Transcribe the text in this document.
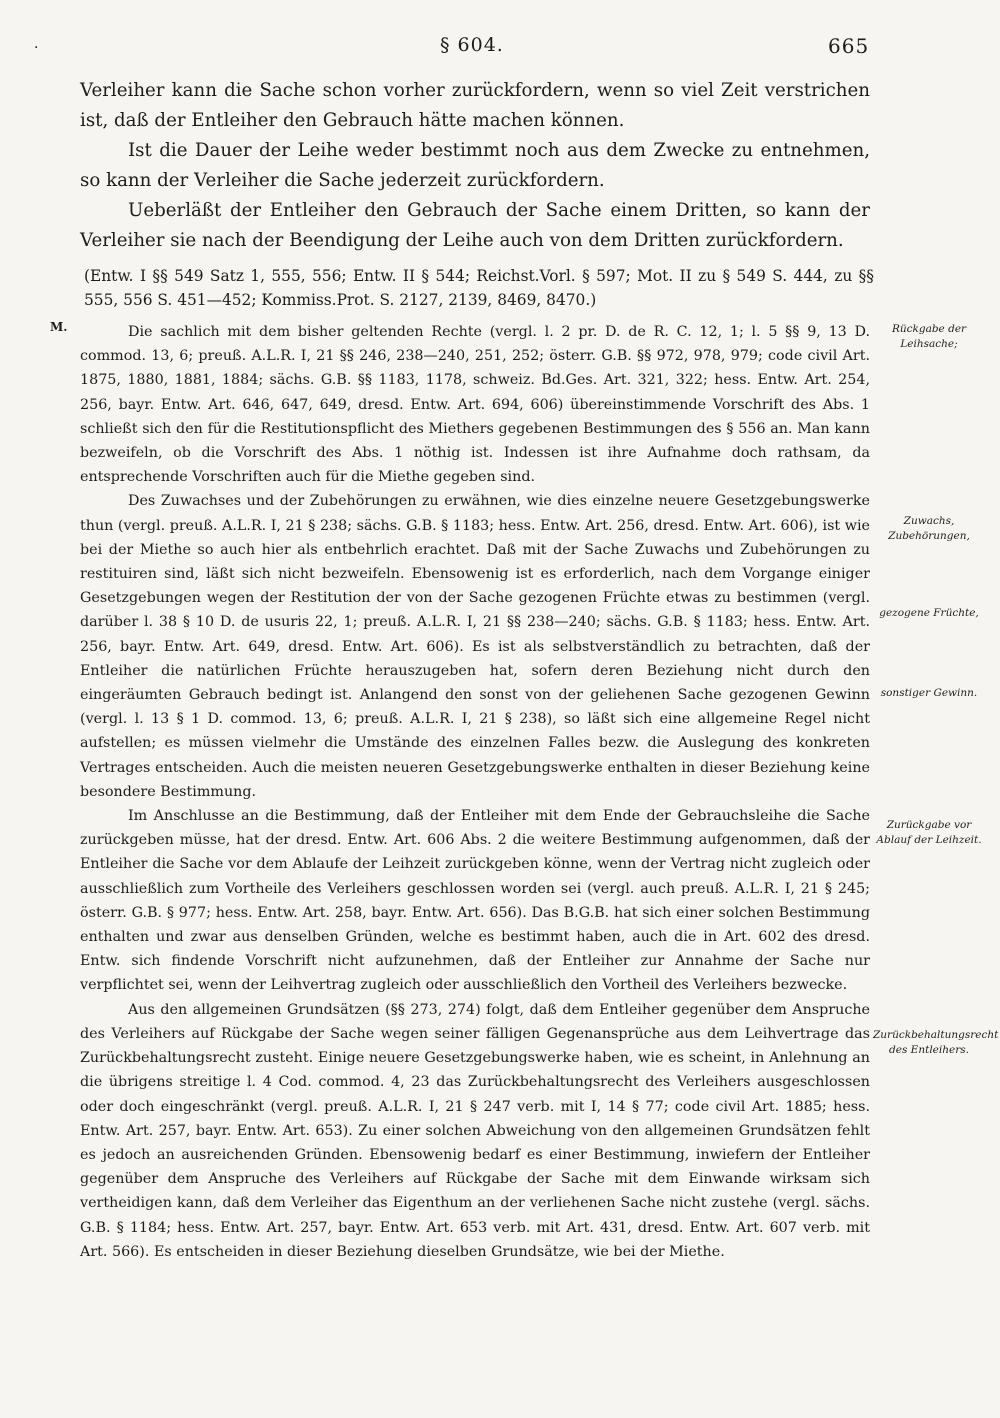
·	§ 604.	665

Verleiher kann die Sache schon vorher zurückfordern, wenn so viel Zeit verstrichen ist, daß der Entleiher den Gebrauch hätte machen können.

Ist die Dauer der Leihe weder bestimmt noch aus dem Zwecke zu entnehmen, so kann der Verleiher die Sache jederzeit zurückfordern.

Ueberläßt der Entleiher den Gebrauch der Sache einem Dritten, so kann der Verleiher sie nach der Beendigung der Leihe auch von dem Dritten zurückfordern.

(Entw. I §§ 549 Satz 1, 555, 556; Entw. II § 544; Reichst.Vorl. § 597; Mot. II zu § 549 S. 444, zu §§ 555, 556 S. 451—452; Kommiss.Prot. S. 2127, 2139, 8469, 8470.)

M.	Die sachlich mit dem bisher geltenden Rechte (vergl. l. 2 pr. D. de R. C. 12, 1; l. 5 §§ 9, 13 D. commod. 13, 6; preuß. A.L.R. I, 21 §§ 246, 238—240, 251, 252; österr. G.B. §§ 972, 978, 979; code civil Art. 1875, 1880, 1881, 1884; sächs. G.B. §§ 1183, 1178, schweiz. Bd.Ges. Art. 321, 322; hess. Entw. Art. 254, 256, bayr. Entw. Art. 646, 647, 649, dresd. Entw. Art. 694, 606) übereinstimmende Vorschrift des Abs. 1 schließt sich den für die Restitutionspflicht des Miethers gegebenen Bestimmungen des § 556 an. Man kann bezweifeln, ob die Vorschrift des Abs. 1 nöthig ist. Indessen ist ihre Aufnahme doch rathsam, da entsprechende Vorschriften auch für die Miethe gegeben sind.

Des Zuwachses und der Zubehörungen zu erwähnen, wie dies einzelne neuere Gesetzgebungswerke thun (vergl. preuß. A.L.R. I, 21 § 238; sächs. G.B. § 1183; hess. Entw. Art. 256, dresd. Entw. Art. 606), ist wie bei der Miethe so auch hier als entbehrlich erachtet. Daß mit der Sache Zuwachs und Zubehörungen zu restituiren sind, läßt sich nicht bezweifeln. Ebensowenig ist es erforderlich, nach dem Vorgange einiger Gesetzgebungen wegen der Restitution der von der Sache gezogenen Früchte etwas zu bestimmen (vergl. darüber l. 38 § 10 D. de usuris 22, 1; preuß. A.L.R. I, 21 §§ 238—240; sächs. G.B. § 1183; hess. Entw. Art. 256, bayr. Entw. Art. 649, dresd. Entw. Art. 606). Es ist als selbstverständlich zu betrachten, daß der Entleiher die natürlichen Früchte herauszugeben hat, sofern deren Beziehung nicht durch den eingeräumten Gebrauch bedingt ist. Anlangend den sonst von der geliehenen Sache gezogenen Gewinn (vergl. l. 13 § 1 D. commod. 13, 6; preuß. A.L.R. I, 21 § 238), so läßt sich eine allgemeine Regel nicht aufstellen; es müssen vielmehr die Umstände des einzelnen Falles bezw. die Auslegung des konkreten Vertrages entscheiden. Auch die meisten neueren Gesetzgebungswerke enthalten in dieser Beziehung keine besondere Bestimmung.

Im Anschlusse an die Bestimmung, daß der Entleiher mit dem Ende der Gebrauchsleihe die Sache zurückgeben müsse, hat der dresd. Entw. Art. 606 Abs. 2 die weitere Bestimmung aufgenommen, daß der Entleiher die Sache vor dem Ablaufe der Leihzeit zurückgeben könne, wenn der Vertrag nicht zugleich oder ausschließlich zum Vortheile des Verleihers geschlossen worden sei (vergl. auch preuß. A.L.R. I, 21 § 245; österr. G.B. § 977; hess. Entw. Art. 258, bayr. Entw. Art. 656). Das B.G.B. hat sich einer solchen Bestimmung enthalten und zwar aus denselben Gründen, welche es bestimmt haben, auch die in Art. 602 des dresd. Entw. sich findende Vorschrift nicht aufzunehmen, daß der Entleiher zur Annahme der Sache nur verpflichtet sei, wenn der Leihvertrag zugleich oder ausschließlich den Vortheil des Verleihers bezwecke.

Aus den allgemeinen Grundsätzen (§§ 273, 274) folgt, daß dem Entleiher gegenüber dem Anspruche des Verleihers auf Rückgabe der Sache wegen seiner fälligen Gegenansprüche aus dem Leihvertrage das Zurückbehaltungsrecht zusteht. Einige neuere Gesetzgebungswerke haben, wie es scheint, in Anlehnung an die übrigens streitige l. 4 Cod. commod. 4, 23 das Zurückbehaltungsrecht des Verleihers ausgeschlossen oder doch eingeschränkt (vergl. preuß. A.L.R. I, 21 § 247 verb. mit I, 14 § 77; code civil Art. 1885; hess. Entw. Art. 257, bayr. Entw. Art. 653). Zu einer solchen Abweichung von den allgemeinen Grundsätzen fehlt es jedoch an ausreichenden Gründen. Ebensowenig bedarf es einer Bestimmung, inwiefern der Entleiher gegenüber dem Anspruche des Verleihers auf Rückgabe der Sache mit dem Einwande wirksam sich vertheidigen kann, daß dem Verleiher das Eigenthum an der verliehenen Sache nicht zustehe (vergl. sächs. G.B. § 1184; hess. Entw. Art. 257, bayr. Entw. Art. 653 verb. mit Art. 431, dresd. Entw. Art. 607 verb. mit Art. 566). Es entscheiden in dieser Beziehung dieselben Grundsätze, wie bei der Miethe.

Rückgabe der Leihsache;
Zuwachs, Zubehörungen,
gezogene Früchte,
sonstiger Gewinn.
Zurückgabe vor Ablauf der Leihzeit.
Zurückbehaltungsrecht des Entleihers.
